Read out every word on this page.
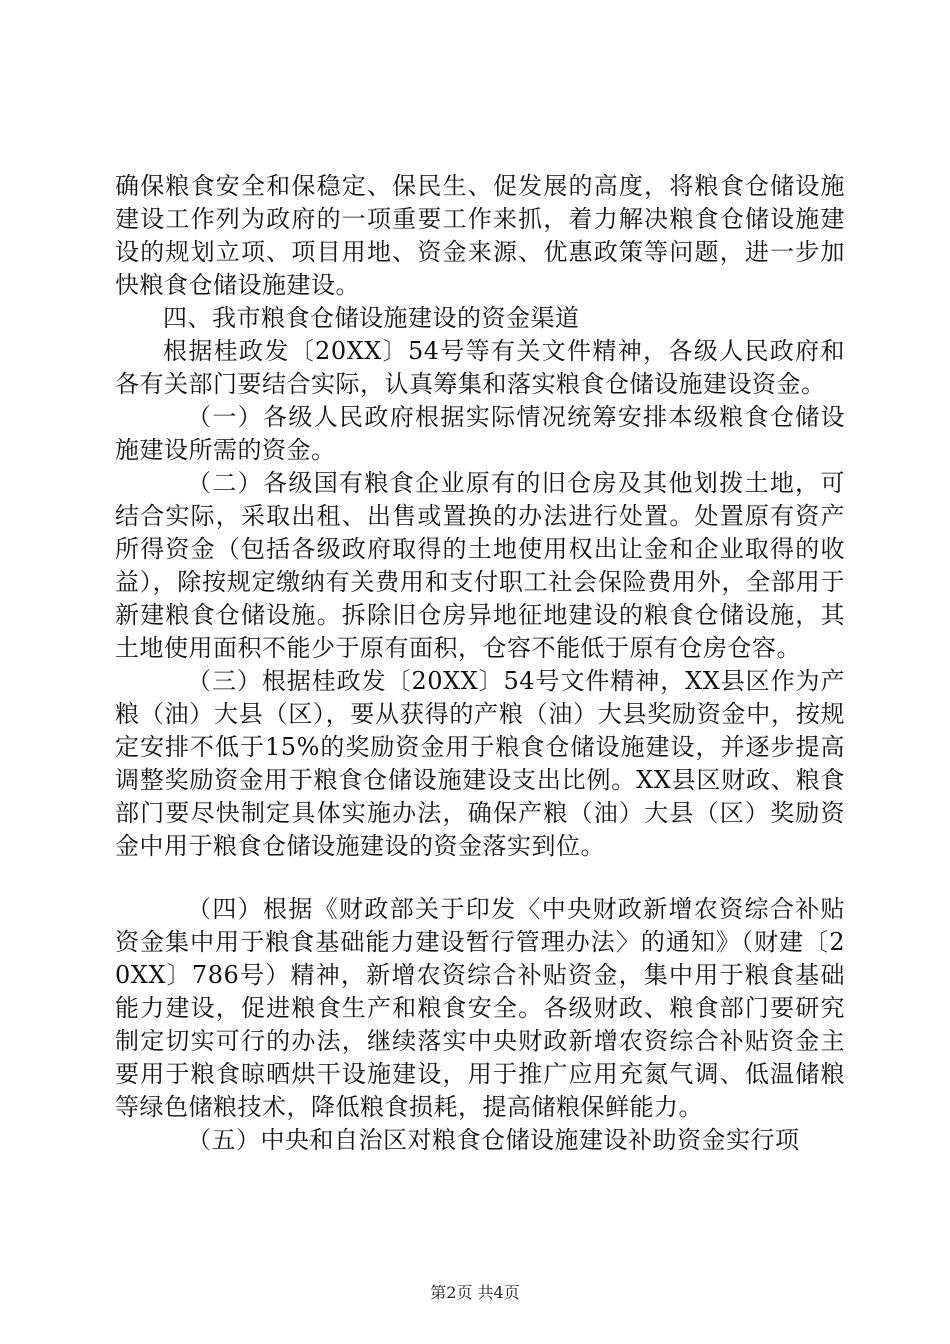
确保粮食安全和保稳定、保民生、促发展的高度，将粮食仓储设施建设工作列为政府的一项重要工作来抓，着力解决粮食仓储设施建设的规划立项、项目用地、资金来源、优惠政策等问题，进一步加快粮食仓储设施建设。

四、我市粮食仓储设施建设的资金渠道

根据桂政发〔20XX〕54号等有关文件精神，各级人民政府和各有关部门要结合实际，认真筹集和落实粮食仓储设施建设资金。

（一）各级人民政府根据实际情况统筹安排本级粮食仓储设施建设所需的资金。

（二）各级国有粮食企业原有的旧仓房及其他划拨土地，可结合实际，采取出租、出售或置换的办法进行处置。处置原有资产所得资金（包括各级政府取得的土地使用权出让金和企业取得的收益），除按规定缴纳有关费用和支付职工社会保险费用外，全部用于新建粮食仓储设施。拆除旧仓房异地征地建设的粮食仓储设施，其土地使用面积不能少于原有面积，仓容不能低于原有仓房仓容。

（三）根据桂政发〔20XX〕54号文件精神，XX县区作为产粮（油）大县（区），要从获得的产粮（油）大县奖励资金中，按规定安排不低于15%的奖励资金用于粮食仓储设施建设，并逐步提高调整奖励资金用于粮食仓储设施建设支出比例。XX县区财政、粮食部门要尽快制定具体实施办法，确保产粮（油）大县（区）奖励资金中用于粮食仓储设施建设的资金落实到位。

（四）根据《财政部关于印发〈中央财政新增农资综合补贴资金集中用于粮食基础能力建设暂行管理办法〉的通知》（财建〔20XX〕786号）精神，新增农资综合补贴资金，集中用于粮食基础能力建设，促进粮食生产和粮食安全。各级财政、粮食部门要研究制定切实可行的办法，继续落实中央财政新增农资综合补贴资金主要用于粮食晾晒烘干设施建设，用于推广应用充氮气调、低温储粮等绿色储粮技术，降低粮食损耗，提高储粮保鲜能力。

（五）中央和自治区对粮食仓储设施建设补助资金实行项

第2页 共4页
